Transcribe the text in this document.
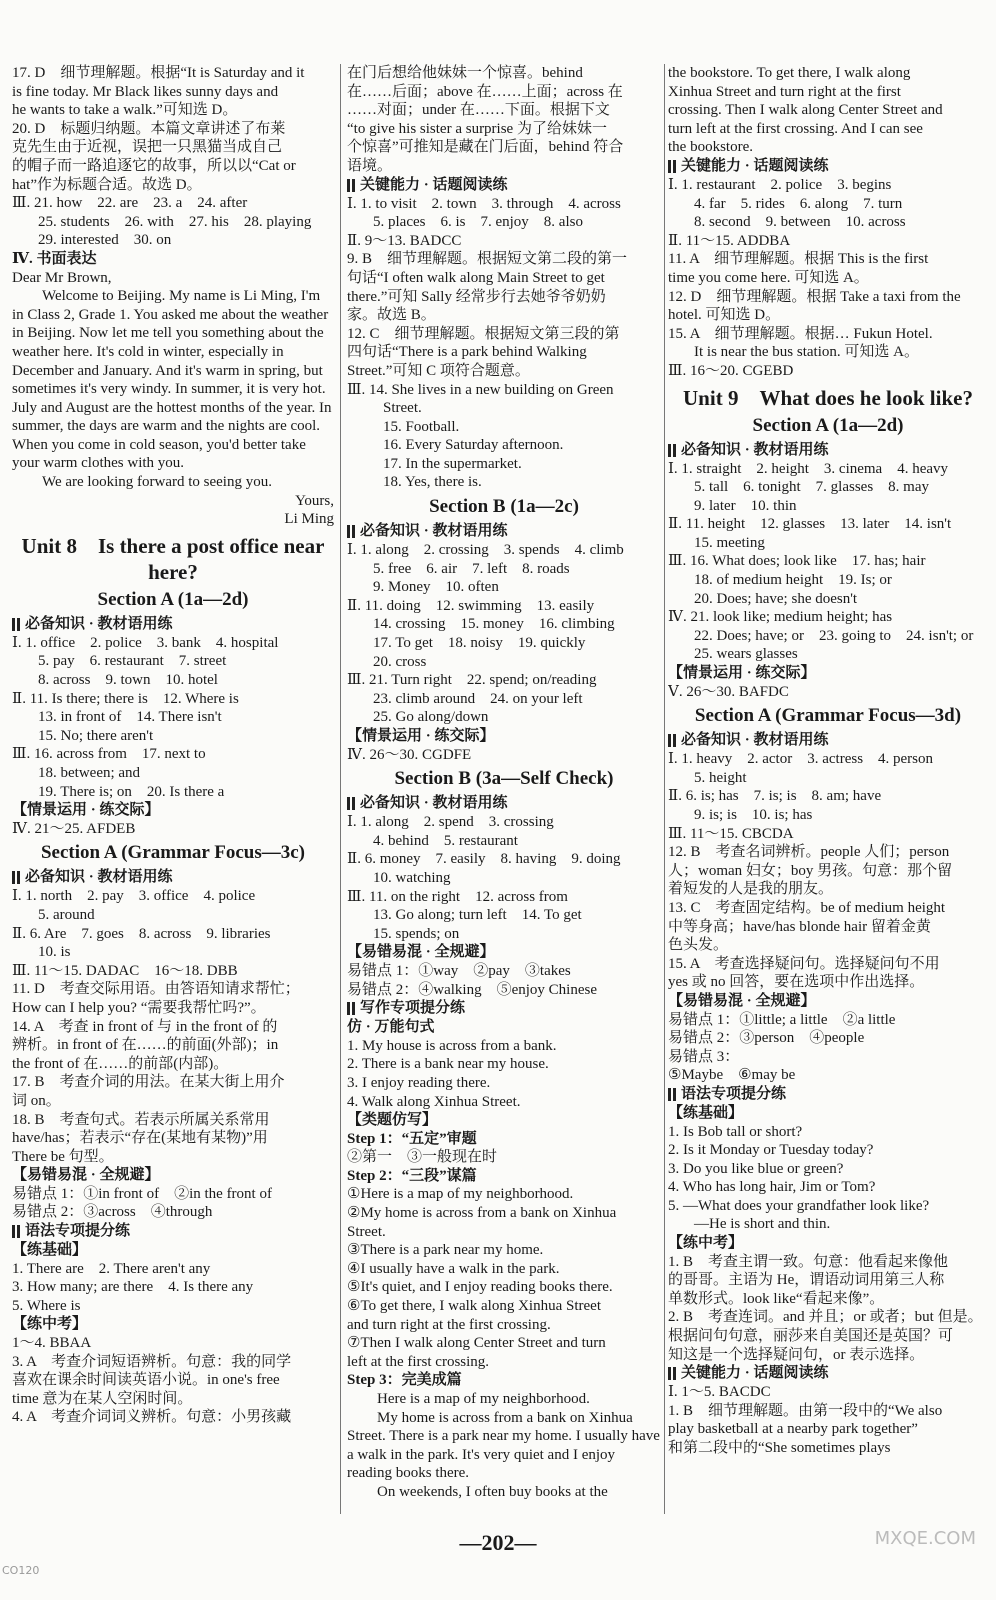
17. D　细节理解题。根据“It is Saturday and it
is fine today. Mr Black likes sunny days and
he wants to take a walk.”可知选 D。
20. D　标题归纳题。本篇文章讲述了布莱
克先生由于近视，误把一只黑猫当成自己
的帽子而一路追逐它的故事，所以以“Cat or
hat”作为标题合适。故选 D。
Ⅲ. 21. how　22. are　23. a　24. after
25. students　26. with　27. his　28. playing
29. interested　30. on
Ⅳ. 书面表达
Dear Mr Brown,
Welcome to Beijing. My name is Li Ming, I'm in Class 2, Grade 1. You asked me about the weather in Beijing. Now let me tell you something about the weather here. It's cold in winter, especially in December and January. And it's warm in spring, but sometimes it's very windy. In summer, it is very hot. July and August are the hottest months of the year. In summer, the days are warm and the nights are cool. When you come in cold season, you'd better take your warm clothes with you.
We are looking forward to seeing you.
Yours,
Li Ming
Unit 8　Is there a post office near here?
Section A (1a—2d)
必备知识 · 教材语用练
Ⅰ. 1. office　2. police　3. bank　4. hospital
5. pay　6. restaurant　7. street
8. across　9. town　10. hotel
Ⅱ. 11. Is there; there is　12. Where is
13. in front of　14. There isn't
15. No; there aren't
Ⅲ. 16. across from　17. next to
18. between; and
19. There is; on　20. Is there a
【情景运用 · 练交际】
Ⅳ. 21～25. AFDEB
Section A (Grammar Focus—3c)
必备知识 · 教材语用练
Ⅰ. 1. north　2. pay　3. office　4. police
5. around
Ⅱ. 6. Are　7. goes　8. across　9. libraries
10. is
Ⅲ. 11～15. DADAC　16～18. DBB
11. D　考查交际用语。由答语知请求帮忙；
How can I help you? “需要我帮忙吗?”。
14. A　考查 in front of 与 in the front of 的
辨析。in front of 在……的前面(外部)；in
the front of 在……的前部(内部)。
17. B　考查介词的用法。在某大街上用介
词 on。
18. B　考查句式。若表示所属关系常用
have/has；若表示“存在(某地有某物)”用
There be 句型。
【易错易混 · 全规避】
易错点 1：①in front of　②in the front of
易错点 2：③across　④through
语法专项提分练
【练基础】
1. There are　2. There aren't any
3. How many; are there　4. Is there any
5. Where is
【练中考】
1～4. BBAA
3. A　考查介词短语辨析。句意：我的同学
喜欢在课余时间读英语小说。in one's free
time 意为在某人空闲时间。
4. A　考查介词词义辨析。句意：小男孩藏
在门后想给他妹妹一个惊喜。behind
在……后面；above 在……上面；across 在
……对面；under 在……下面。根据下文
“to give his sister a surprise 为了给妹妹一
个惊喜”可推知是藏在门后面，behind 符合
语境。
关键能力 · 话题阅读练
Ⅰ. 1. to visit　2. town　3. through　4. across
5. places　6. is　7. enjoy　8. also
Ⅱ. 9～13. BADCC
9. B　细节理解题。根据短文第二段的第一
句话“I often walk along Main Street to get
there.”可知 Sally 经常步行去她爷爷奶奶
家。故选 B。
12. C　细节理解题。根据短文第三段的第
四句话“There is a park behind Walking
Street.”可知 C 项符合题意。
Ⅲ. 14. She lives in a new building on Green
Street.
15. Football.
16. Every Saturday afternoon.
17. In the supermarket.
18. Yes, there is.
Section B (1a—2c)
必备知识 · 教材语用练
Ⅰ. 1. along　2. crossing　3. spends　4. climb
5. free　6. air　7. left　8. roads
9. Money　10. often
Ⅱ. 11. doing　12. swimming　13. easily
14. crossing　15. money　16. climbing
17. To get　18. noisy　19. quickly
20. cross
Ⅲ. 21. Turn right　22. spend; on/reading
23. climb around　24. on your left
25. Go along/down
【情景运用 · 练交际】
Ⅳ. 26～30. CGDFE
Section B (3a—Self Check)
必备知识 · 教材语用练
Ⅰ. 1. along　2. spend　3. crossing
4. behind　5. restaurant
Ⅱ. 6. money　7. easily　8. having　9. doing
10. watching
Ⅲ. 11. on the right　12. across from
13. Go along; turn left　14. To get
15. spends; on
【易错易混 · 全规避】
易错点 1：①way　②pay　③takes
易错点 2：④walking　⑤enjoy Chinese
写作专项提分练
仿 · 万能句式
1. My house is across from a bank.
2. There is a bank near my house.
3. I enjoy reading there.
4. Walk along Xinhua Street.
【类题仿写】
Step 1：“五定”审题
②第一　③一般现在时
Step 2：“三段”谋篇
①Here is a map of my neighborhood.
②My home is across from a bank on Xinhua
Street.
③There is a park near my home.
④I usually have a walk in the park.
⑤It's quiet, and I enjoy reading books there.
⑥To get there, I walk along Xinhua Street
and turn right at the first crossing.
⑦Then I walk along Center Street and turn
left at the first crossing.
Step 3：完美成篇
Here is a map of my neighborhood.
My home is across from a bank on Xinhua Street. There is a park near my home. I usually have a walk in the park. It's very quiet and I enjoy reading books there.
On weekends, I often buy books at the
the bookstore. To get there, I walk along
Xinhua Street and turn right at the first
crossing. Then I walk along Center Street and
turn left at the first crossing. And I can see
the bookstore.
关键能力 · 话题阅读练
Ⅰ. 1. restaurant　2. police　3. begins
4. far　5. rides　6. along　7. turn
8. second　9. between　10. across
Ⅱ. 11～15. ADDBA
11. A　细节理解题。根据 This is the first
time you come here. 可知选 A。
12. D　细节理解题。根据 Take a taxi from the
hotel. 可知选 D。
15. A　细节理解题。根据… Fukun Hotel.
It is near the bus station. 可知选 A。
Ⅲ. 16～20. CGEBD
Unit 9　What does he look like?
Section A (1a—2d)
必备知识 · 教材语用练
Ⅰ. 1. straight　2. height　3. cinema　4. heavy
5. tall　6. tonight　7. glasses　8. may
9. later　10. thin
Ⅱ. 11. height　12. glasses　13. later　14. isn't
15. meeting
Ⅲ. 16. What does; look like　17. has; hair
18. of medium height　19. Is; or
20. Does; have; she doesn't
Ⅳ. 21. look like; medium height; has
22. Does; have; or　23. going to　24. isn't; or
25. wears glasses
【情景运用 · 练交际】
Ⅴ. 26～30. BAFDC
Section A (Grammar Focus—3d)
必备知识 · 教材语用练
Ⅰ. 1. heavy　2. actor　3. actress　4. person
5. height
Ⅱ. 6. is; has　7. is; is　8. am; have
9. is; is　10. is; has
Ⅲ. 11～15. CBCDA
12. B　考查名词辨析。people 人们；person
人；woman 妇女；boy 男孩。句意：那个留
着短发的人是我的朋友。
13. C　考查固定结构。be of medium height
中等身高；have/has blonde hair 留着金黄
色头发。
15. A　考查选择疑问句。选择疑问句不用
yes 或 no 回答，要在选项中作出选择。
【易错易混 · 全规避】
易错点 1：①little; a little　②a little
易错点 2：③person　④people
易错点 3：
⑤Maybe　⑥may be
语法专项提分练
【练基础】
1. Is Bob tall or short?
2. Is it Monday or Tuesday today?
3. Do you like blue or green?
4. Who has long hair, Jim or Tom?
5. —What does your grandfather look like?
—He is short and thin.
【练中考】
1. B　考查主谓一致。句意：他看起来像他
的哥哥。主语为 He，谓语动词用第三人称
单数形式。look like“看起来像”。
2. B　考查连词。and 并且；or 或者；but 但是。
根据问句句意，丽莎来自美国还是英国？可
知这是一个选择疑问句，or 表示选择。
关键能力 · 话题阅读练
Ⅰ. 1～5. BACDC
1. B　细节理解题。由第一段中的“We also
play basketball at a nearby park together”
和第二段中的“She sometimes plays
—202—
CO120
MXQE.COM
